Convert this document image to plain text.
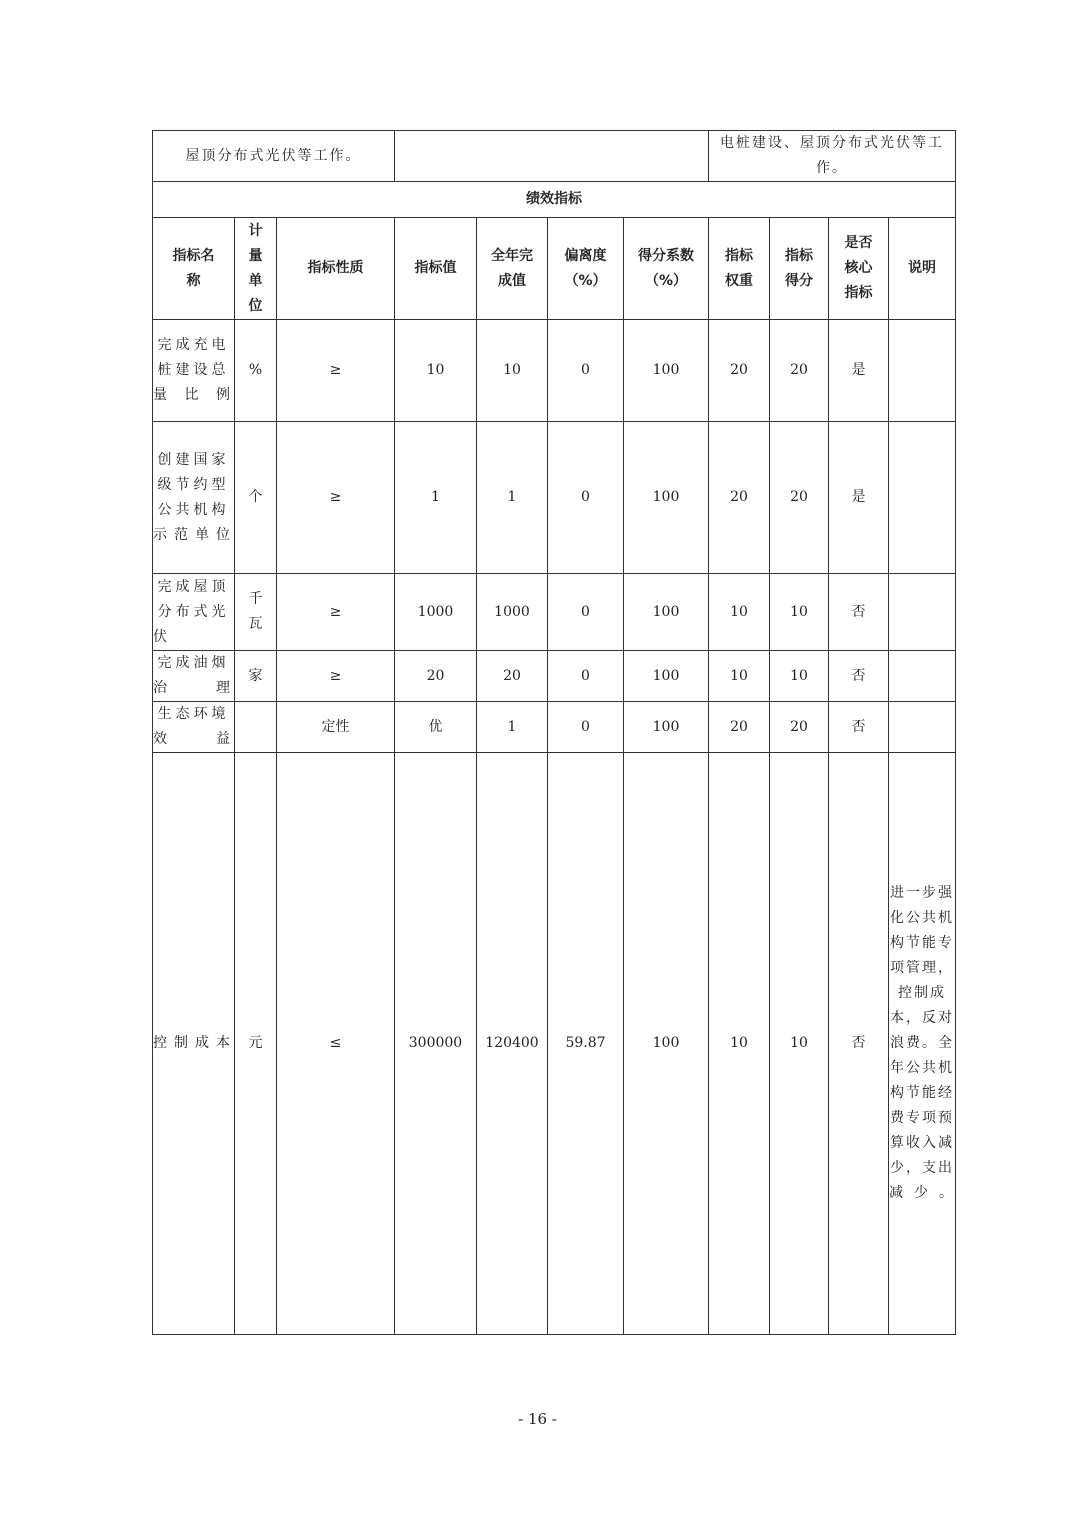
屋顶分布式光伏等工作。							电桩建设、屋顶分布式光伏等工作。			
绩效指标										
指标名称	计量单位	指标性质	指标值	全年完成值	偏离度（%）	得分系数（%）	指标权重	指标得分	是否核心指标	说明
完成充电桩建设总量比例	%	≥	10	10	0	100	20	20	是	
创建国家级节约型公共机构示范单位	个	≥	1	1	0	100	20	20	是	
完成屋顶分布式光伏	千瓦	≥	1000	1000	0	100	10	10	否	
完成油烟治理	家	≥	20	20	0	100	10	10	否	
生态环境效益		定性	优	1	0	100	20	20	否	
控制成本	元	≤	300000	120400	59.87	100	10	10	否	进一步强化公共机构节能专项管理，控制成本，反对浪费。全年公共机构节能经费专项预算收入减少，支出减少。
- 16 -
